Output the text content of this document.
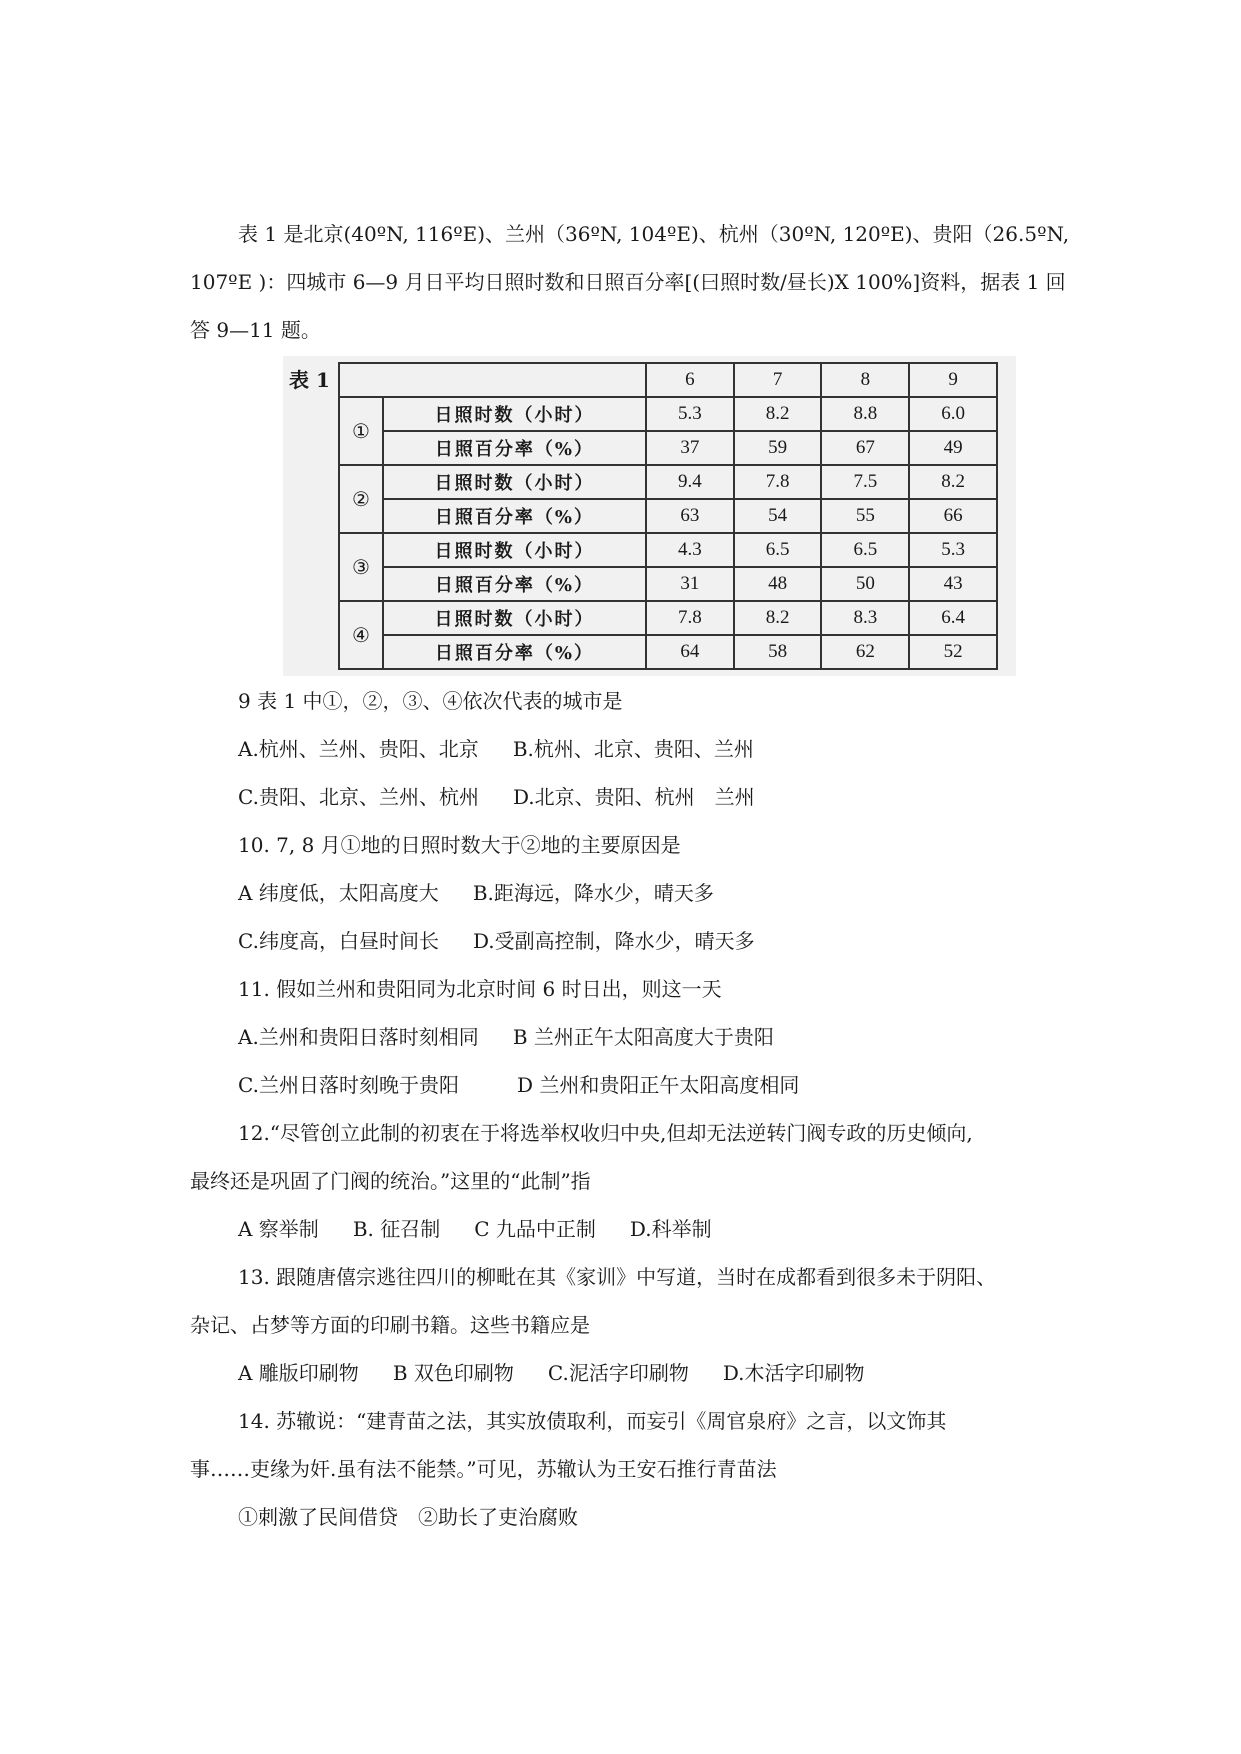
表 1 是北京(40ºN, 116ºE)、兰州（36ºN, 104ºE)、杭州（30ºN, 120ºE)、贵阳（26.5ºN, 107ºE )：四城市 6—9 月日平均日照时数和日照百分率[(曰照时数/昼长)X 100%]资料，据表 1 回答 9—11 题。
表 1
		6	7	8	9
①	日照时数（小时）	5.3	8.2	8.8	6.0
	日照百分率（%）	37	59	67	49
②	日照时数（小时）	9.4	7.8	7.5	8.2
	日照百分率（%）	63	54	55	66
③	日照时数（小时）	4.3	6.5	6.5	5.3
	日照百分率（%）	31	48	50	43
④	日照时数（小时）	7.8	8.2	8.3	6.4
	日照百分率（%）	64	58	62	52
9 表 1 中①，②，③、④依次代表的城市是
A.杭州、兰州、贵阳、北京 B.杭州、北京、贵阳、兰州
C.贵阳、北京、兰州、杭州 D.北京、贵阳、杭州　兰州
10. 7, 8 月①地的日照时数大于②地的主要原因是
A 纬度低，太阳高度大 B.距海远，降水少，晴天多
C.纬度高，白昼时间长 D.受副高控制，降水少，晴天多
11. 假如兰州和贵阳同为北京时间 6 时日出，则这一天
A.兰州和贵阳日落时刻相同 B 兰州正午太阳高度大于贵阳
C.兰州日落时刻晚于贵阳	D 兰州和贵阳正午太阳高度相同
12.“尽管创立此制的初衷在于将选举权收归中央,但却无法逆转门阀专政的历史倾向,
最终还是巩固了门阀的统治。”这里的“此制”指
A 察举制 B. 征召制 C 九品中正制 D.科举制
13. 跟随唐僖宗逃往四川的柳毗在其《家训》中写道，当时在成都看到很多未于阴阳、
杂记、占梦等方面的印刷书籍。这些书籍应是
A 雕版印刷物 B 双色印刷物 C.泥活字印刷物 D.木活字印刷物
14. 苏辙说：“建青苗之法，其实放债取利，而妄引《周官泉府》之言，以文饰其
事……吏缘为奸.虽有法不能禁。”可见，苏辙认为王安石推行青苗法
①刺激了民间借贷　②助长了吏治腐败
